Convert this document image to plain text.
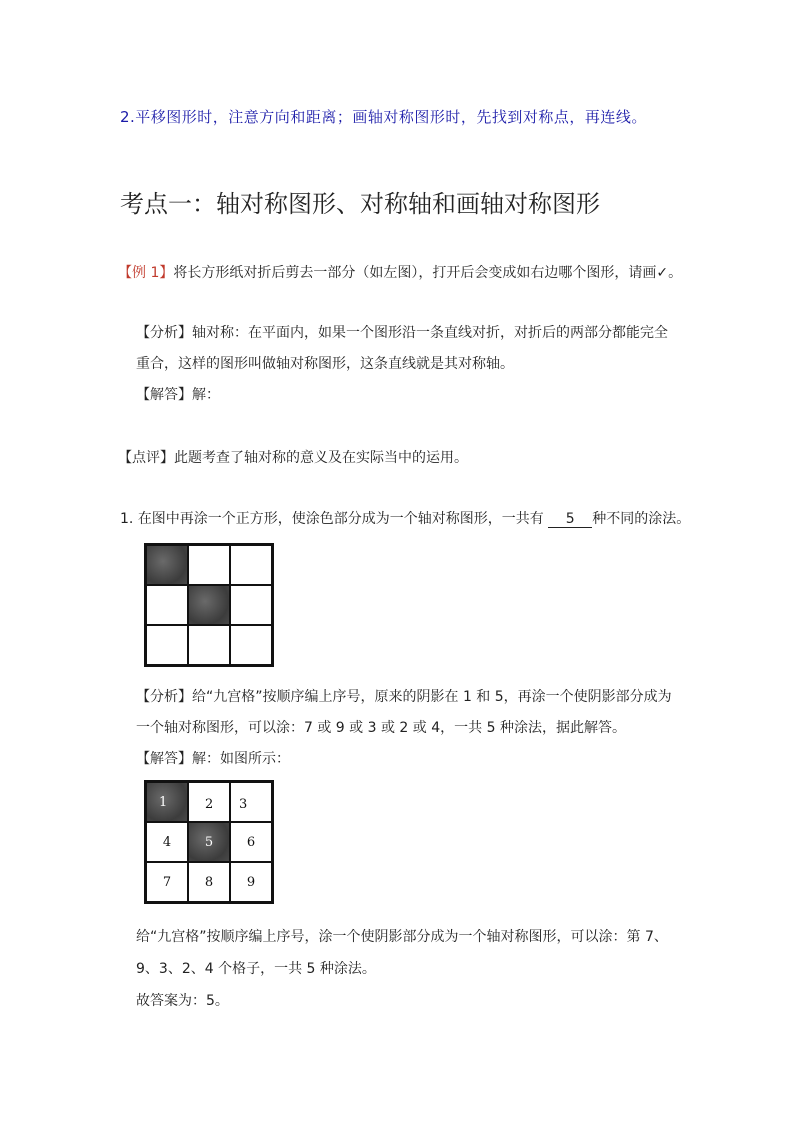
2.平移图形时，注意方向和距离；画轴对称图形时，先找到对称点，再连线。
考点一：轴对称图形、对称轴和画轴对称图形
【例 1】将长方形纸对折后剪去一部分（如左图），打开后会变成如右边哪个图形，请画✓。
【分析】轴对称：在平面内，如果一个图形沿一条直线对折，对折后的两部分都能完全
重合，这样的图形叫做轴对称图形，这条直线就是其对称轴。
【解答】解：
【点评】此题考查了轴对称的意义及在实际当中的运用。
1. 在图中再涂一个正方形，使涂色部分成为一个轴对称图形，一共有 5 种不同的涂法。
【分析】给“九宫格”按顺序编上序号，原来的阴影在 1 和 5，再涂一个使阴影部分成为
一个轴对称图形，可以涂：7 或 9 或 3 或 2 或 4，一共 5 种涂法，据此解答。
【解答】解：如图所示：
1	2 3
4	5	6
7	8	9
给“九宫格”按顺序编上序号，涂一个使阴影部分成为一个轴对称图形，可以涂：第 7、
9、3、2、4 个格子，一共 5 种涂法。
故答案为：5。
